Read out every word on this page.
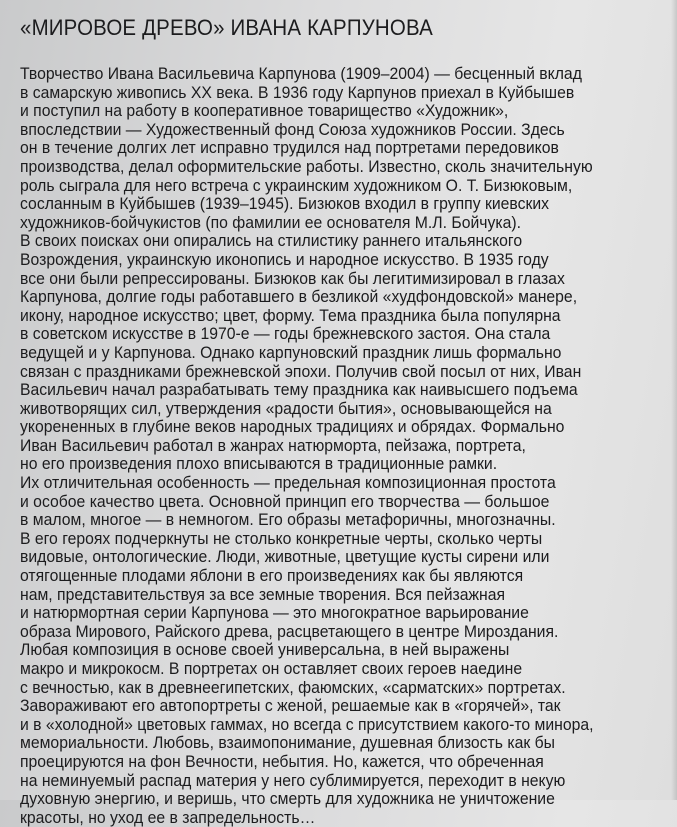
«МИРОВОЕ ДРЕВО» ИВАНА КАРПУНОВА
Творчество Ивана Васильевича Карпунова (1909–2004) — бесценный вклад
в самарскую живопись XX века. В 1936 году Карпунов приехал в Куйбышев
и поступил на работу в кооперативное товарищество «Художник»,
впоследствии — Художественный фонд Союза художников России. Здесь
он в течение долгих лет исправно трудился над портретами передовиков
производства, делал оформительские работы. Известно, сколь значительную
роль сыграла для него встреча с украинским художником О. Т. Бизюковым,
сосланным в Куйбышев (1939–1945). Бизюков входил в группу киевских
художников-бойчукистов (по фамилии ее основателя М.Л. Бойчука).
В своих поисках они опирались на стилистику раннего итальянского
Возрождения, украинскую иконопись и народное искусство. В 1935 году
все они были репрессированы. Бизюков как бы легитимизировал в глазах
Карпунова, долгие годы работавшего в безликой «худфондовской» манере,
икону, народное искусство; цвет, форму. Тема праздника была популярна
в советском искусстве в 1970-е — годы брежневского застоя. Она стала
ведущей и у Карпунова. Однако карпуновский праздник лишь формально
связан с праздниками брежневской эпохи. Получив свой посыл от них, Иван
Васильевич начал разрабатывать тему праздника как наивысшего подъема
животворящих сил, утверждения «радости бытия», основывающейся на
укорененных в глубине веков народных традициях и обрядах. Формально
Иван Васильевич работал в жанрах натюрморта, пейзажа, портрета,
но его произведения плохо вписываются в традиционные рамки.
Их отличительная особенность — предельная композиционная простота
и особое качество цвета. Основной принцип его творчества — большое
в малом, многое — в немногом. Его образы метафоричны, многозначны.
В его героях подчеркнуты не столько конкретные черты, сколько черты
видовые, онтологические. Люди, животные, цветущие кусты сирени или
отягощенные плодами яблони в его произведениях как бы являются
нам, представительствуя за все земные творения. Вся пейзажная
и натюрмортная серии Карпунова — это многократное варьирование
образа Мирового, Райского древа, расцветающего в центре Мироздания.
Любая композиция в основе своей универсальна, в ней выражены
макро и микрокосм. В портретах он оставляет своих героев наедине
с вечностью, как в древнеегипетских, фаюмских, «сарматских» портретах.
Завораживают его автопортреты с женой, решаемые как в «горячей», так
и в «холодной» цветовых гаммах, но всегда с присутствием какого-то минора,
мемориальности. Любовь, взаимопонимание, душевная близость как бы
проецируются на фон Вечности, небытия. Но, кажется, что обреченная
на неминуемый распад материя у него сублимируется, переходит в некую
духовную энергию, и веришь, что смерть для художника не уничтожение
красоты, но уход ее в запредельность…
